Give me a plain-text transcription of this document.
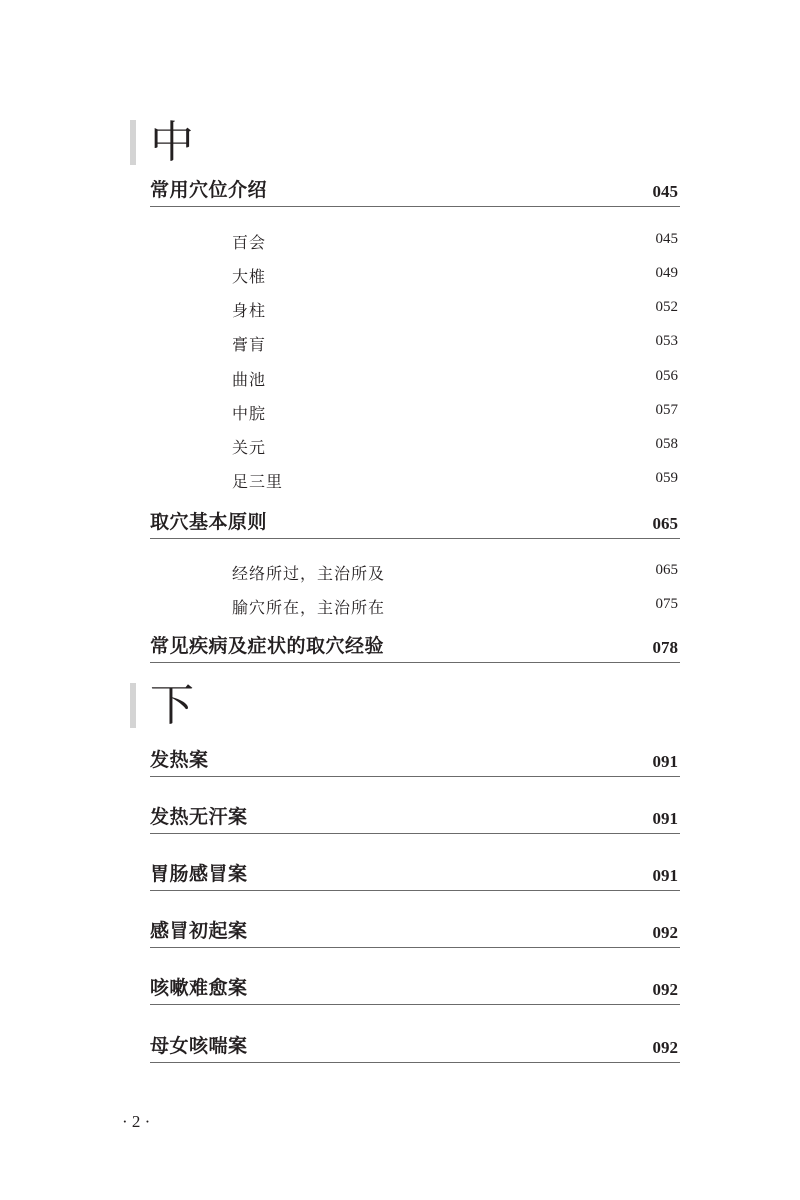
中
常用穴位介绍	045
百会	045
大椎	049
身柱	052
膏肓	053
曲池	056
中脘	057
关元	058
足三里	059
取穴基本原则	065
经络所过，主治所及	065
腧穴所在，主治所在	075
常见疾病及症状的取穴经验	078
下
发热案	091
发热无汗案	091
胃肠感冒案	091
感冒初起案	092
咳嗽难愈案	092
母女咳喘案	092
· 2 ·
